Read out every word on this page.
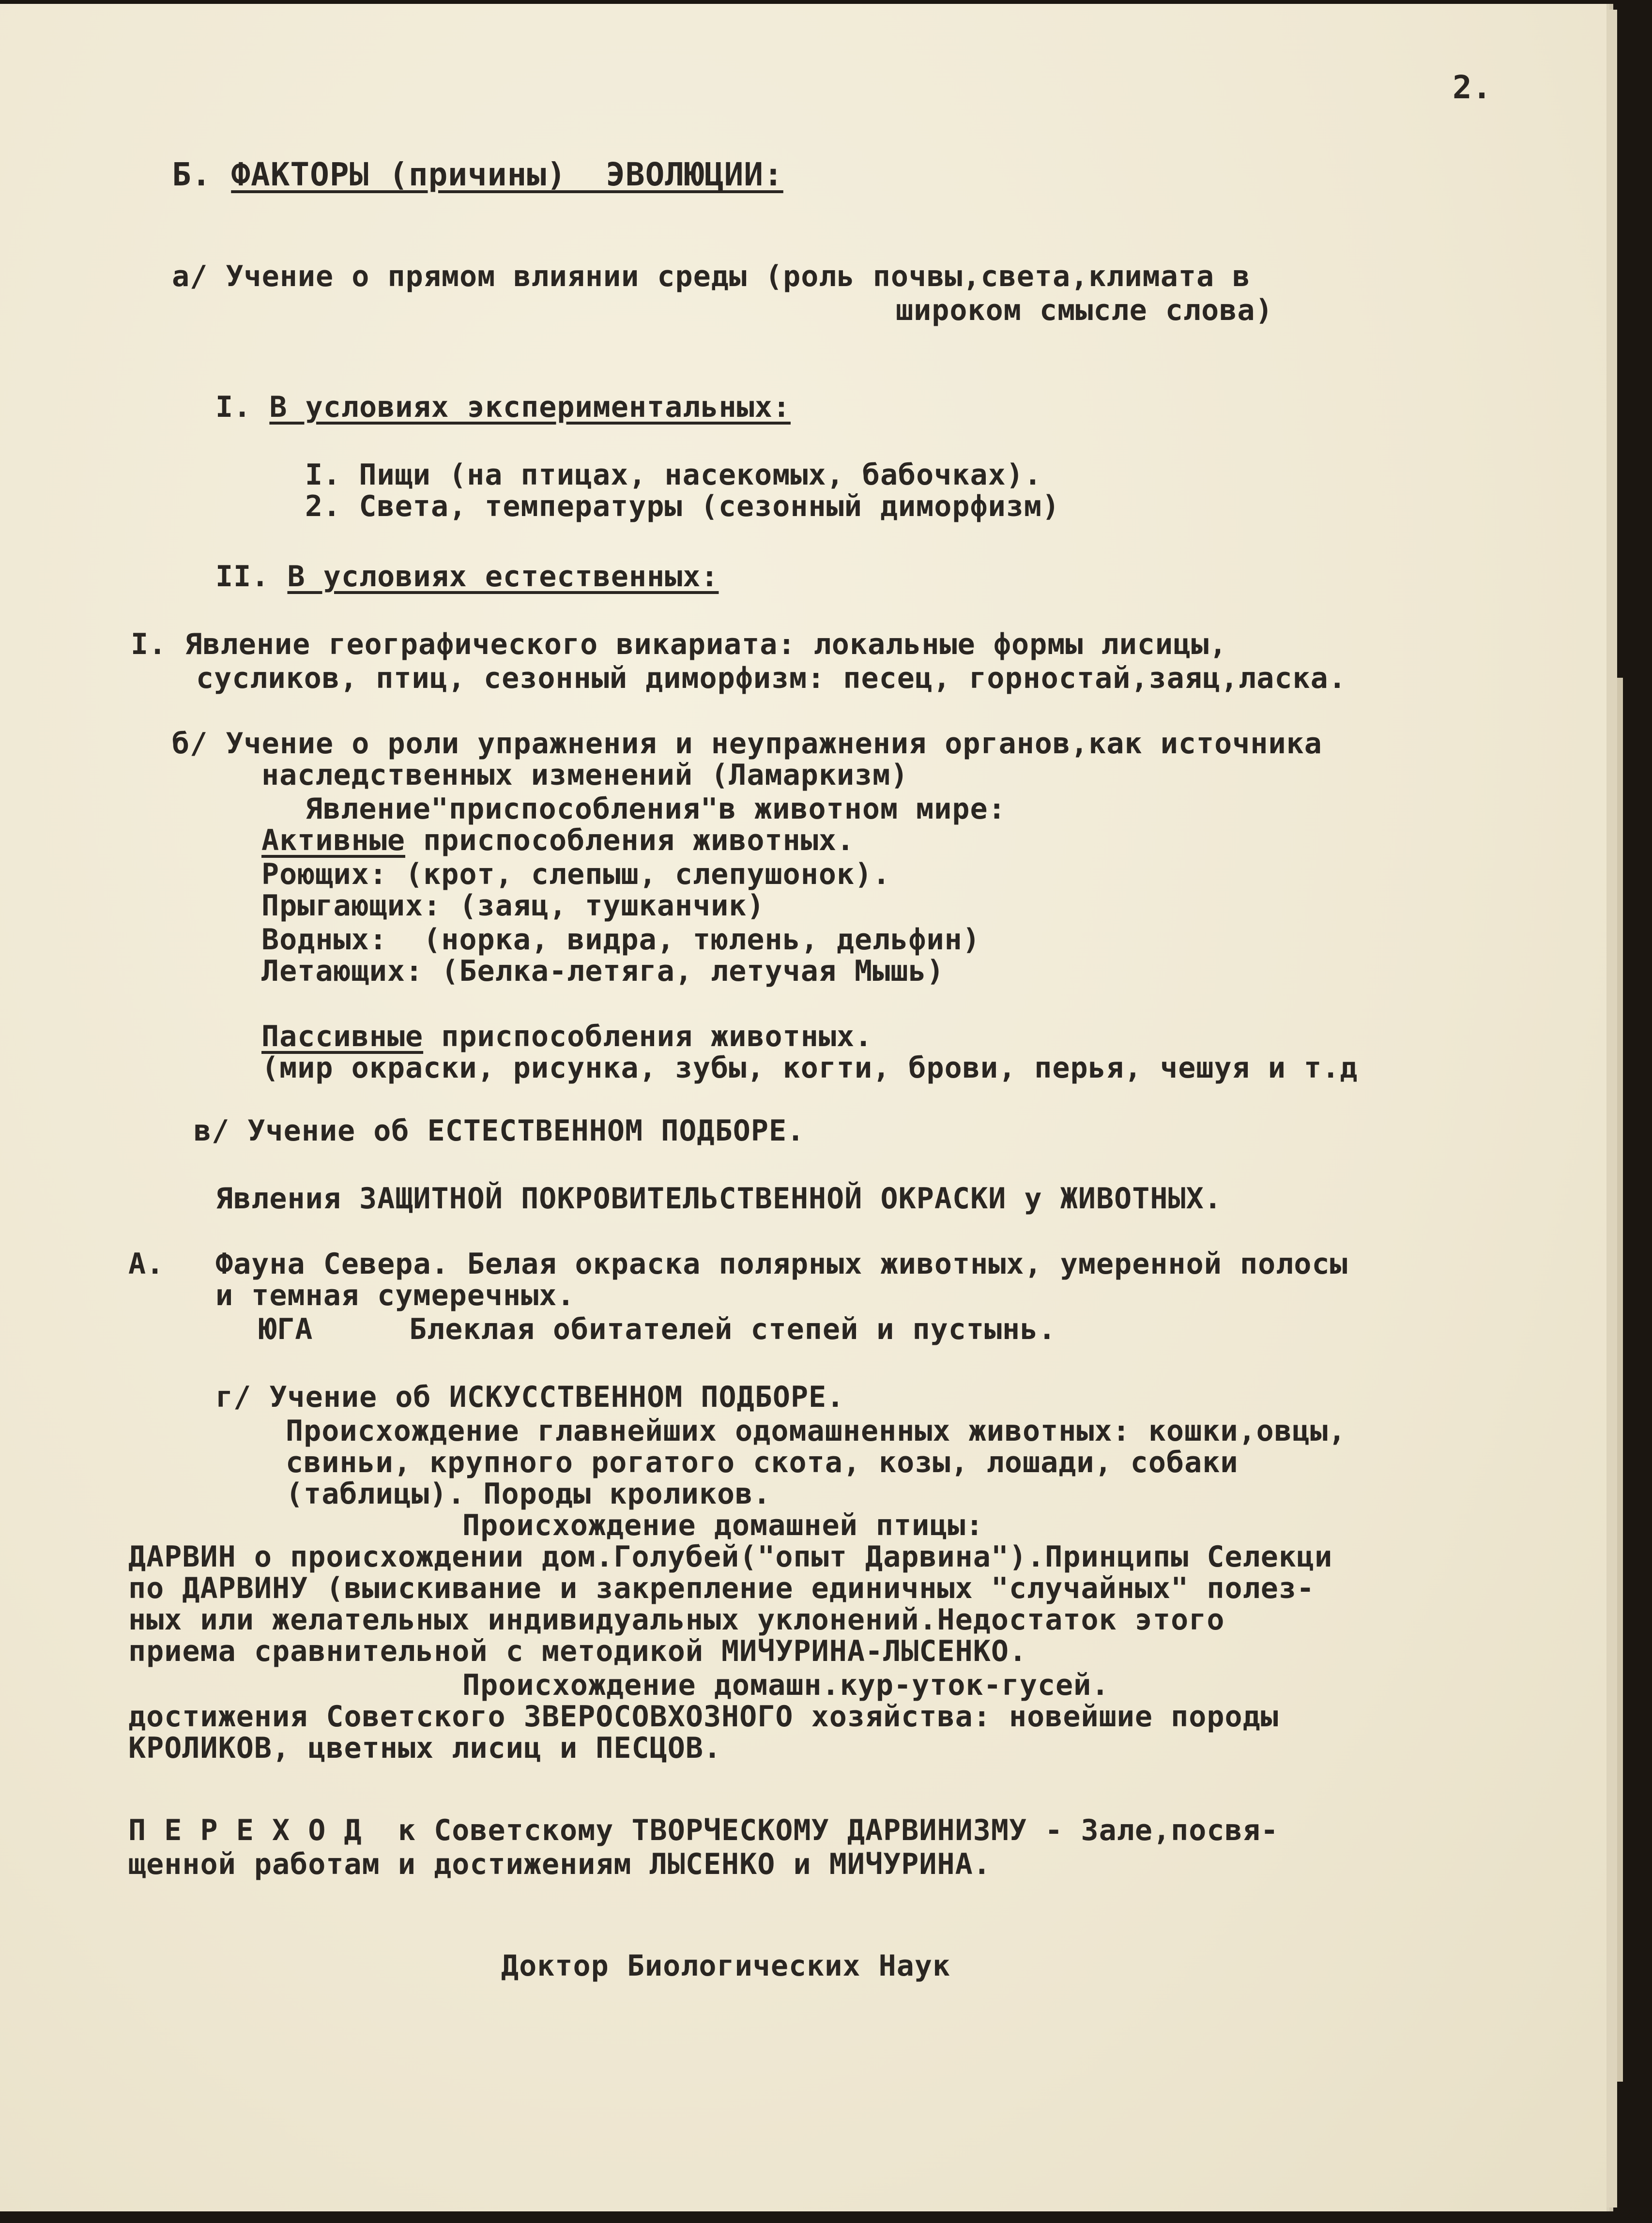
2.
Б. ФАКТОРЫ (причины)  ЭВОЛЮЦИИ:
а/ Учение о прямом влиянии среды (роль почвы,света,климата в
широком смысле слова)
I. В условиях экспериментальных:
I. Пищи (на птицах, насекомых, бабочках).
2. Света, температуры (сезонный диморфизм)
II. В условиях естественных:
I. Явление географического викариата: локальные формы лисицы,
сусликов, птиц, сезонный диморфизм: песец, горностай,заяц,ласка.
б/ Учение о роли упражнения и неупражнения органов,как источника
наследственных изменений (Ламаркизм)
Явление"приспособления"в животном мире:
Активные приспособления животных.
Роющих: (крот, слепыш, слепушонок).
Прыгающих: (заяц, тушканчик)
Водных:  (норка, видра, тюлень, дельфин)
Летающих: (Белка-летяга, летучая Мышь)
Пассивные приспособления животных.
(мир окраски, рисунка, зубы, когти, брови, перья, чешуя и т.д
в/ Учение об ЕСТЕСТВЕННОМ ПОДБОРЕ.
Явления ЗАЩИТНОЙ ПОКРОВИТЕЛЬСТВЕННОЙ ОКРАСКИ у ЖИВОТНЫХ.
А. Фауна Севера. Белая окраска полярных животных, умеренной полосы
и темная сумеречных.
ЮГА	Блеклая обитателей степей и пустынь.
г/ Учение об ИСКУССТВЕННОМ ПОДБОРЕ.
Происхождение главнейших одомашненных животных: кошки,овцы,
свиньи, крупного рогатого скота, козы, лошади, собаки
(таблицы). Породы кроликов.
Происхождение домашней птицы:
ДАРВИН о происхождении дом.Голубей("опыт Дарвина").Принципы Селекци
по ДАРВИНУ (выискивание и закрепление единичных "случайных" полез-
ных или желательных индивидуальных уклонений.Недостаток этого
приема сравнительной с методикой МИЧУРИНА-ЛЫСЕНКО.
Происхождение домашн.кур-уток-гусей.
достижения Советского ЗВЕРОСОВХОЗНОГО хозяйства: новейшие породы
КРОЛИКОВ, цветных лисиц и ПЕСЦОВ.
П Е Р Е Х О Д  к Советскому ТВОРЧЕСКОМУ ДАРВИНИЗМУ - Зале,посвя-
щенной работам и достижениям ЛЫСЕНКО и МИЧУРИНА.
Доктор Биологических Наук
